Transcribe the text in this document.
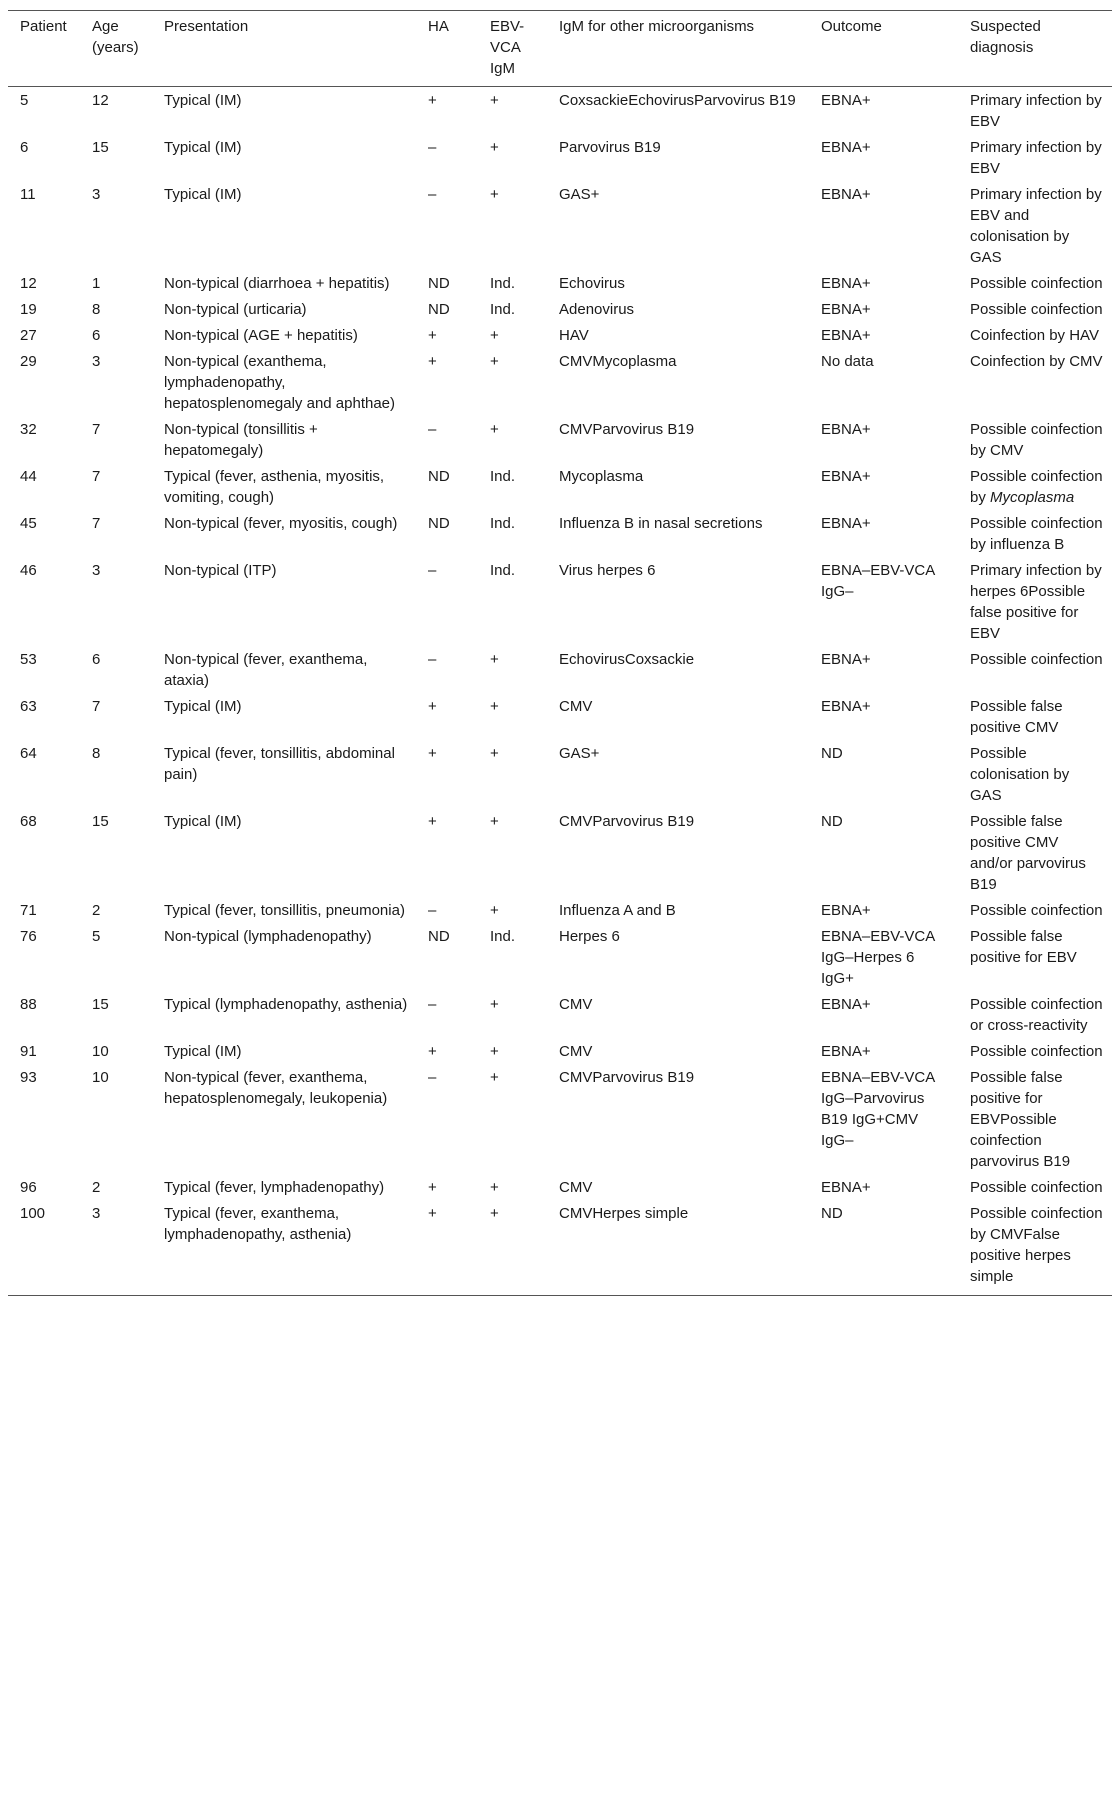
Patient	Age (years)	Presentation	HA	EBV-VCA IgM	IgM for other microorganisms	Outcome	Suspected diagnosis
5	12	Typical (IM)	+	+	CoxsackieEchovirusParvovirus B19	EBNA+	Primary infection by EBV
6	15	Typical (IM)	–	+	Parvovirus B19	EBNA+	Primary infection by EBV
11	3	Typical (IM)	–	+	GAS+	EBNA+	Primary infection by EBV and colonisation by GAS
12	1	Non-typical (diarrhoea + hepatitis)	ND	Ind.	Echovirus	EBNA+	Possible coinfection
19	8	Non-typical (urticaria)	ND	Ind.	Adenovirus	EBNA+	Possible coinfection
27	6	Non-typical (AGE + hepatitis)	+	+	HAV	EBNA+	Coinfection by HAV
29	3	Non-typical (exanthema, lymphadenopathy, hepatosplenomegaly and aphthae)	+	+	CMVMycoplasma	No data	Coinfection by CMV
32	7	Non-typical (tonsillitis + hepatomegaly)	–	+	CMVParvovirus B19	EBNA+	Possible coinfection by CMV
44	7	Typical (fever, asthenia, myositis, vomiting, cough)	ND	Ind.	Mycoplasma	EBNA+	Possible coinfection by Mycoplasma
45	7	Non-typical (fever, myositis, cough)	ND	Ind.	Influenza B in nasal secretions	EBNA+	Possible coinfection by influenza B
46	3	Non-typical (ITP)	–	Ind.	Virus herpes 6	EBNA–EBV-VCA IgG–	Primary infection by herpes 6Possible false positive for EBV
53	6	Non-typical (fever, exanthema, ataxia)	–	+	EchovirusCoxsackie	EBNA+	Possible coinfection
63	7	Typical (IM)	+	+	CMV	EBNA+	Possible false positive CMV
64	8	Typical (fever, tonsillitis, abdominal pain)	+	+	GAS+	ND	Possible colonisation by GAS
68	15	Typical (IM)	+	+	CMVParvovirus B19	ND	Possible false positive CMV and/or parvovirus B19
71	2	Typical (fever, tonsillitis, pneumonia)	–	+	Influenza A and B	EBNA+	Possible coinfection
76	5	Non-typical (lymphadenopathy)	ND	Ind.	Herpes 6	EBNA–EBV-VCA IgG–Herpes 6 IgG+	Possible false positive for EBV
88	15	Typical (lymphadenopathy, asthenia)	–	+	CMV	EBNA+	Possible coinfection or cross-reactivity
91	10	Typical (IM)	+	+	CMV	EBNA+	Possible coinfection
93	10	Non-typical (fever, exanthema, hepatosplenomegaly, leukopenia)	–	+	CMVParvovirus B19	EBNA–EBV-VCA IgG–Parvovirus B19 IgG+CMV IgG–	Possible false positive for EBVPossible coinfection parvovirus B19
96	2	Typical (fever, lymphadenopathy)	+	+	CMV	EBNA+	Possible coinfection
100	3	Typical (fever, exanthema, lymphadenopathy, asthenia)	+	+	CMVHerpes simple	ND	Possible coinfection by CMVFalse positive herpes simple
